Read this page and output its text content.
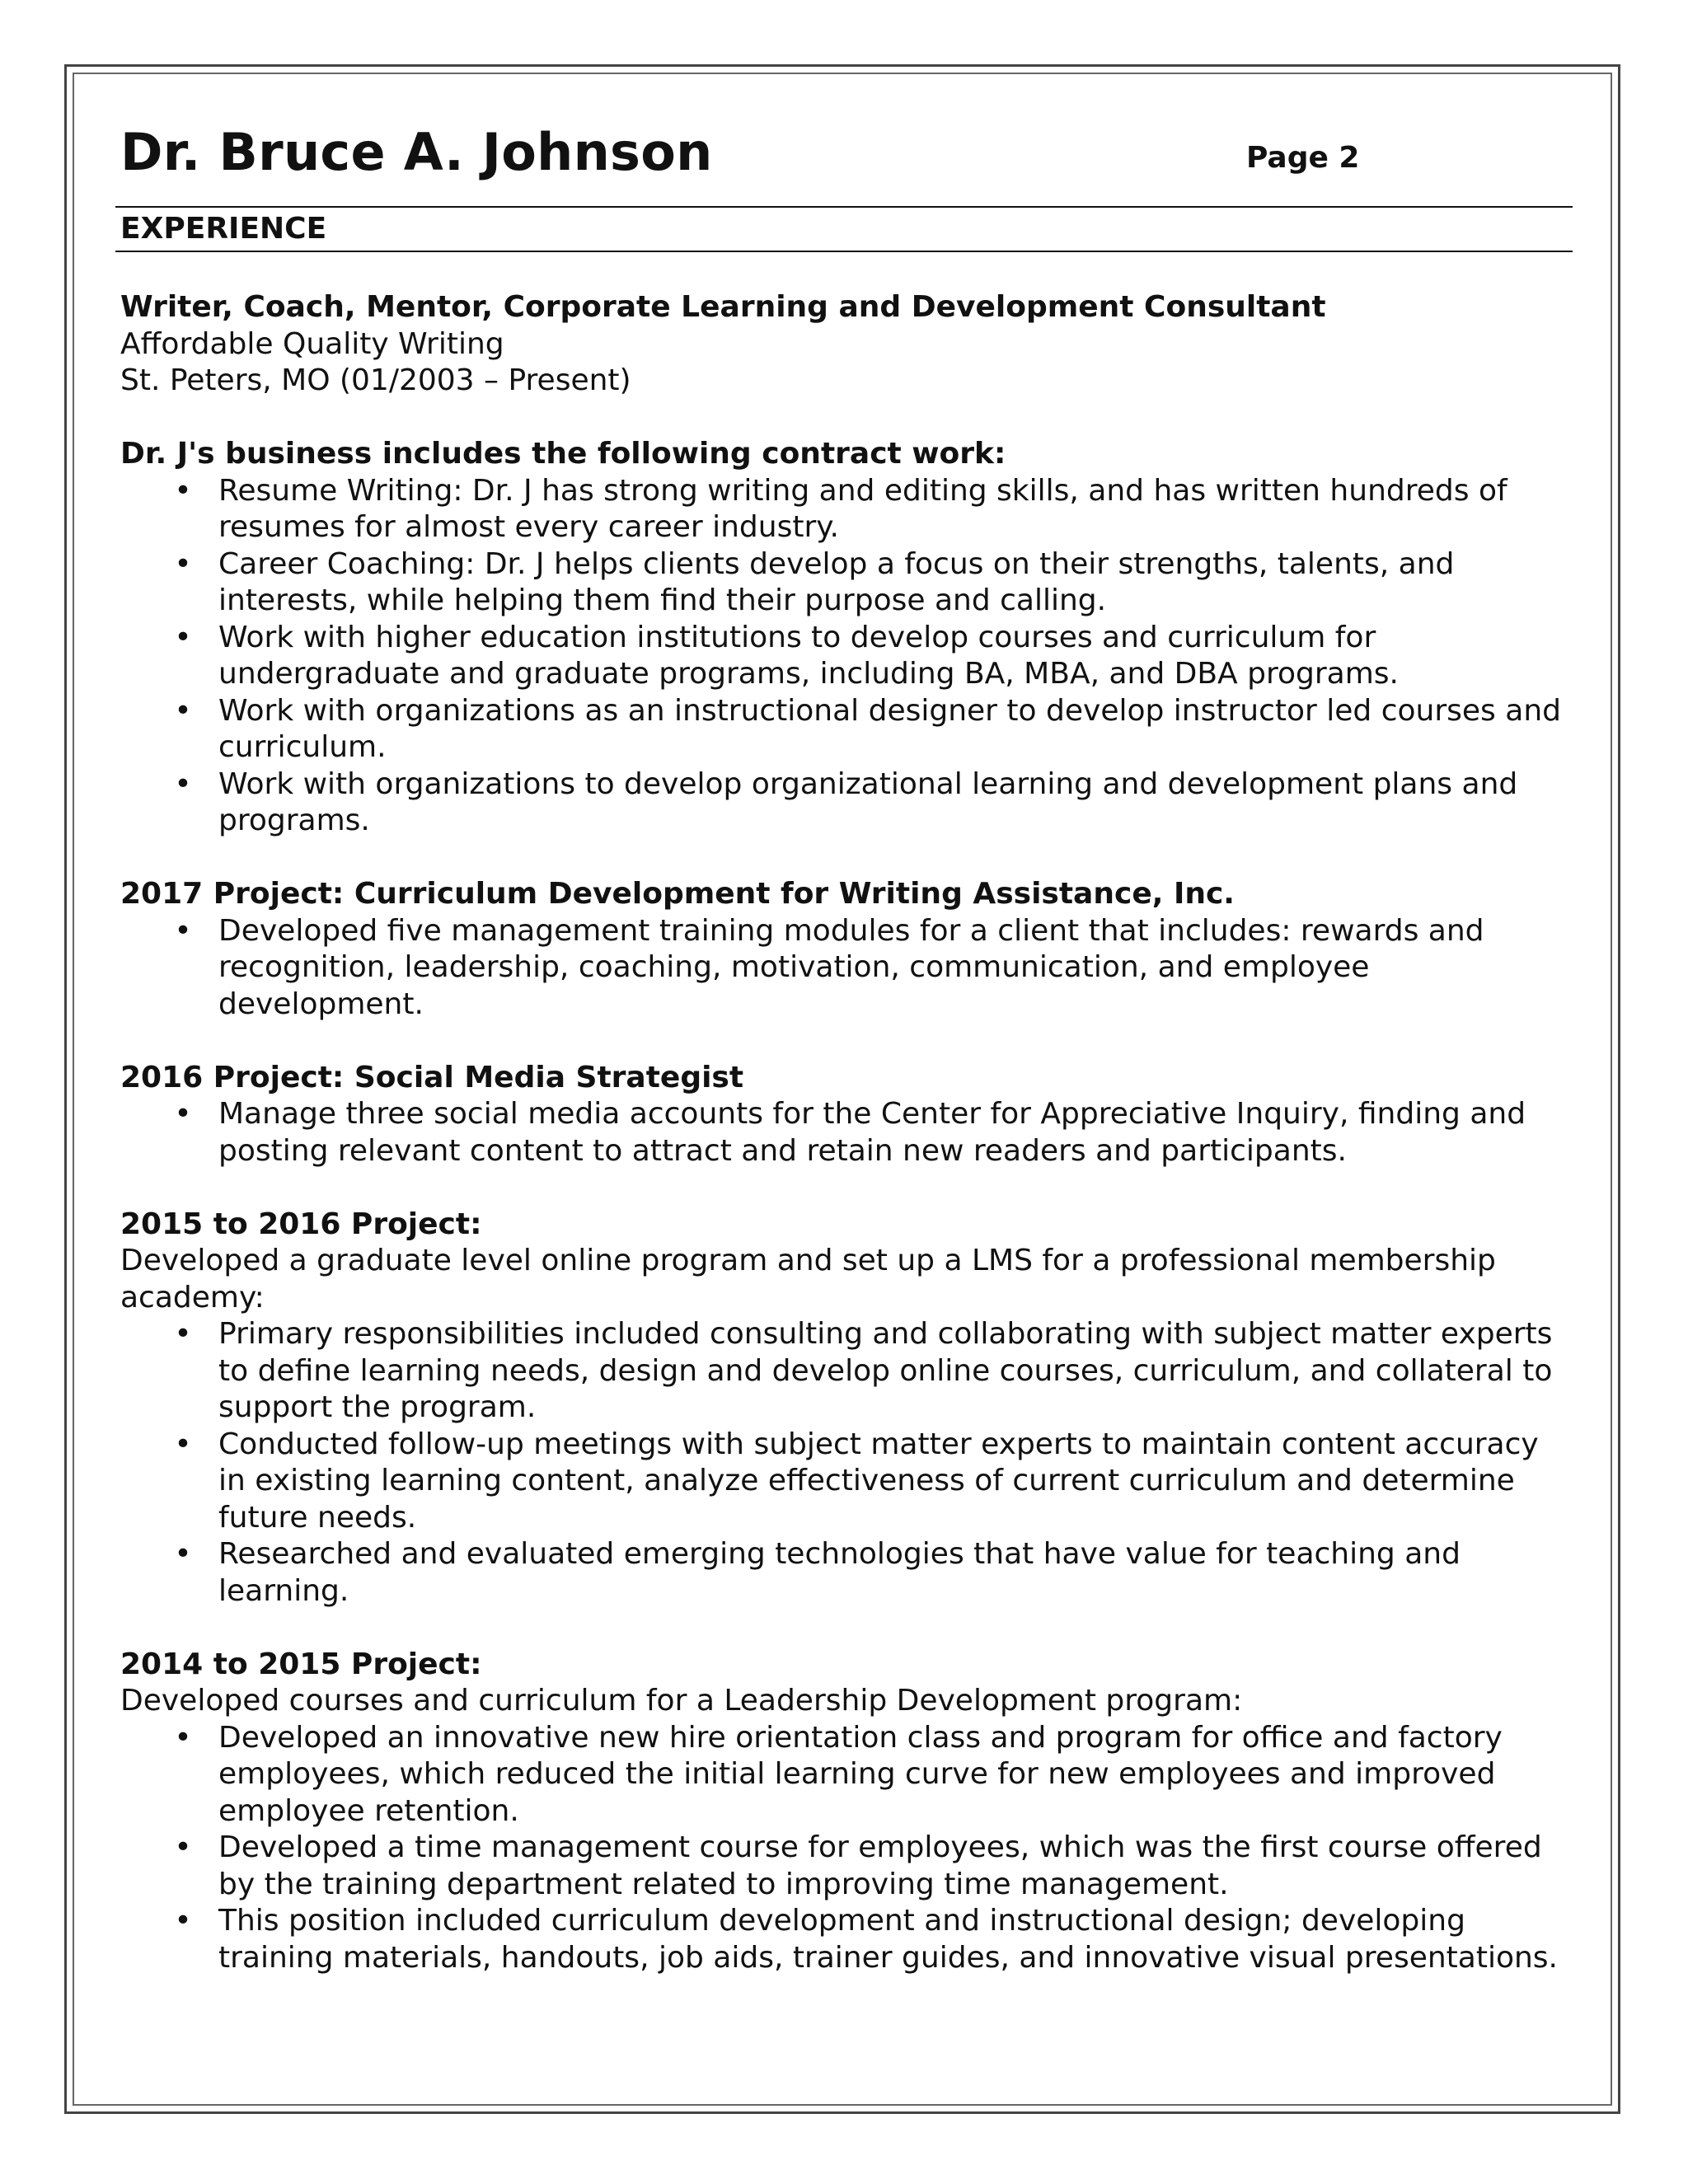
Dr. Bruce A. Johnson	Page 2
EXPERIENCE

Writer, Coach, Mentor, Corporate Learning and Development Consultant

Affordable Quality Writing

St. Peters, MO (01/2003 – Present)

Dr. J's business includes the following contract work:

• Resume Writing: Dr. J has strong writing and editing skills, and has written hundreds of resumes for almost every career industry.
• Career Coaching: Dr. J helps clients develop a focus on their strengths, talents, and interests, while helping them find their purpose and calling.
• Work with higher education institutions to develop courses and curriculum for undergraduate and graduate programs, including BA, MBA, and DBA programs.
• Work with organizations as an instructional designer to develop instructor led courses and curriculum.
• Work with organizations to develop organizational learning and development plans and programs.

2017 Project: Curriculum Development for Writing Assistance, Inc.

• Developed five management training modules for a client that includes: rewards and recognition, leadership, coaching, motivation, communication, and employee development.

2016 Project: Social Media Strategist

• Manage three social media accounts for the Center for Appreciative Inquiry, finding and posting relevant content to attract and retain new readers and participants.

2015 to 2016 Project:

Developed a graduate level online program and set up a LMS for a professional membership academy:

• Primary responsibilities included consulting and collaborating with subject matter experts to define learning needs, design and develop online courses, curriculum, and collateral to support the program.
• Conducted follow-up meetings with subject matter experts to maintain content accuracy in existing learning content, analyze effectiveness of current curriculum and determine future needs.
• Researched and evaluated emerging technologies that have value for teaching and learning.

2014 to 2015 Project:

Developed courses and curriculum for a Leadership Development program:

• Developed an innovative new hire orientation class and program for office and factory employees, which reduced the initial learning curve for new employees and improved employee retention.
• Developed a time management course for employees, which was the first course offered by the training department related to improving time management.
• This position included curriculum development and instructional design; developing training materials, handouts, job aids, trainer guides, and innovative visual presentations.
